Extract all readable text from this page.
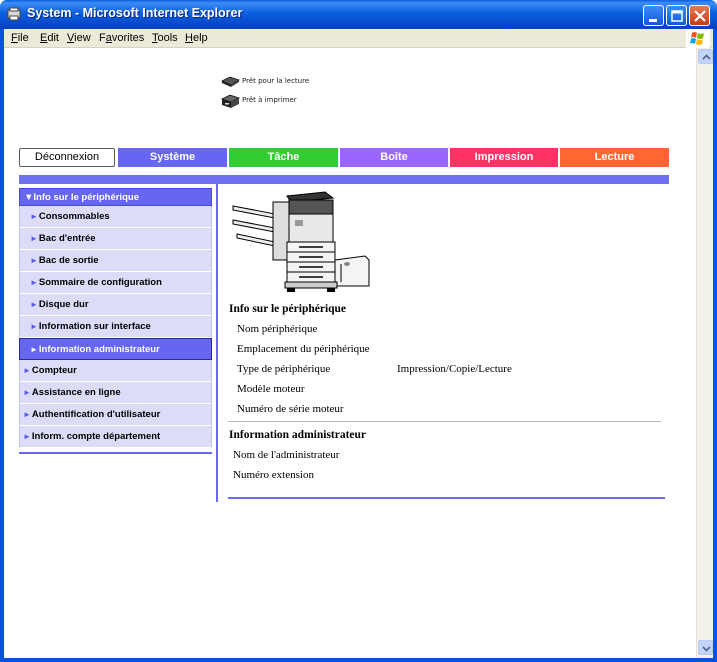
System - Microsoft Internet Explorer
File Edit View Favorites Tools Help
Prêt pour la lecture
Prêt à imprimer
Déconnexion	Système	Tâche	Boîte	Impression	Lecture
▼Info sur le périphérique
►Consommables
►Bac d'entrée
►Bac de sortie
►Sommaire de configuration
►Disque dur
►Information sur interface
►Information administrateur
►Compteur
►Assistance en ligne
►Authentification d'utilisateur
►Inform. compte département
Info sur le périphérique
Nom périphérique
Emplacement du périphérique
Type de périphérique	Impression/Copie/Lecture
Modèle moteur
Numéro de série moteur
Information administrateur
Nom de l'administrateur
Numéro extension
